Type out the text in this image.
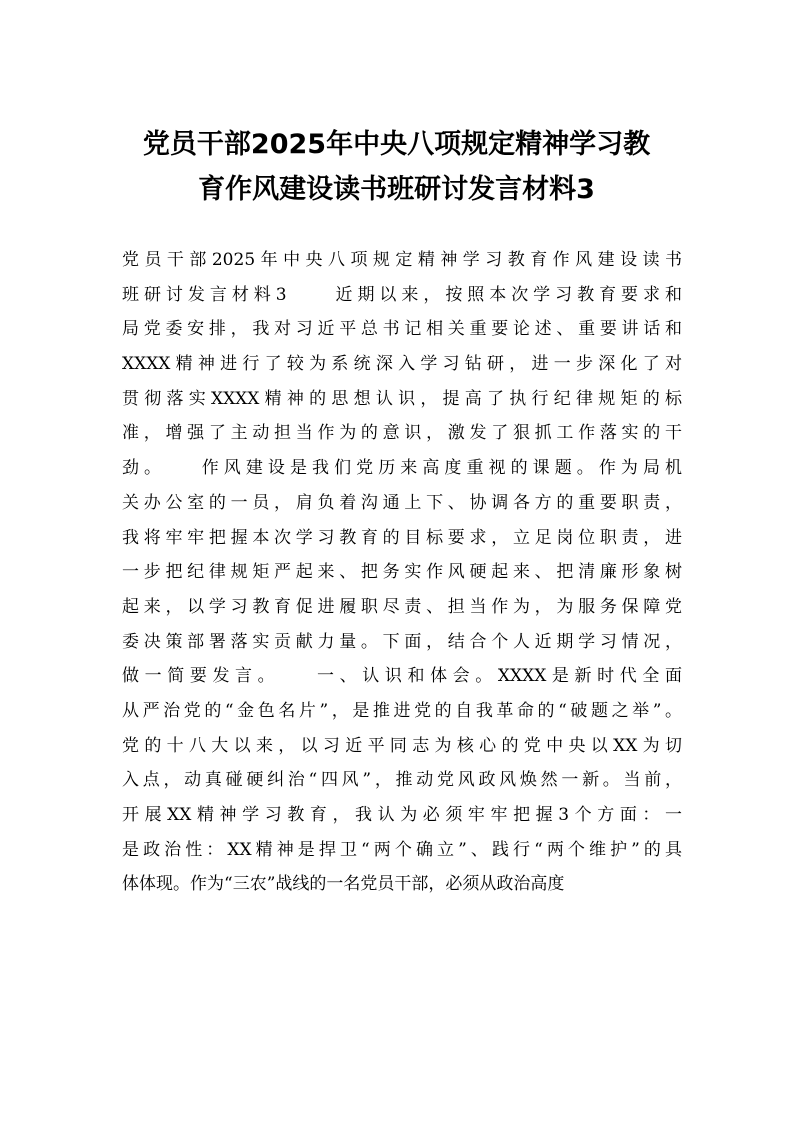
党员干部2025年中央八项规定精神学习教
育作风建设读书班研讨发言材料3
党员干部2025年中央八项规定精神学习教育作风建设读书
班研讨发言材料3　　近期以来，按照本次学习教育要求和
局党委安排，我对习近平总书记相关重要论述、重要讲话和
XXXX精神进行了较为系统深入学习钻研，进一步深化了对
贯彻落实XXXX精神的思想认识，提高了执行纪律规矩的标
准，增强了主动担当作为的意识，激发了狠抓工作落实的干
劲。　　作风建设是我们党历来高度重视的课题。作为局机
关办公室的一员，肩负着沟通上下、协调各方的重要职责，
我将牢牢把握本次学习教育的目标要求，立足岗位职责，进
一步把纪律规矩严起来、把务实作风硬起来、把清廉形象树
起来，以学习教育促进履职尽责、担当作为，为服务保障党
委决策部署落实贡献力量。下面，结合个人近期学习情况，
做一简要发言。　　一、认识和体会。XXXX是新时代全面
从严治党的“金色名片”，是推进党的自我革命的“破题之举”。
党的十八大以来，以习近平同志为核心的党中央以XX为切
入点，动真碰硬纠治“四风”，推动党风政风焕然一新。当前，
开展XX精神学习教育，我认为必须牢牢把握3个方面：一
是政治性：XX精神是捍卫“两个确立”、践行“两个维护”的具
体体现。作为“三农”战线的一名党员干部，必须从政治高度
